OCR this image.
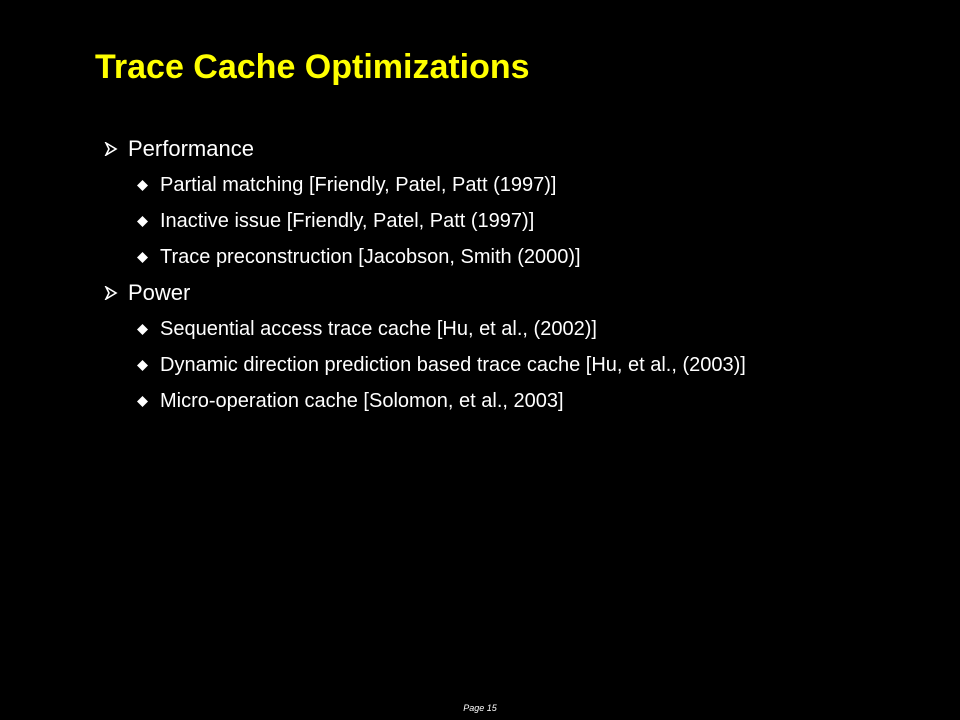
Trace Cache Optimizations
Performance
Partial matching [Friendly, Patel, Patt (1997)]
Inactive issue [Friendly, Patel, Patt (1997)]
Trace preconstruction [Jacobson, Smith (2000)]
Power
Sequential access trace cache [Hu, et al., (2002)]
Dynamic direction prediction based trace cache [Hu, et al., (2003)]
Micro-operation cache [Solomon, et al., 2003]
Page 15
